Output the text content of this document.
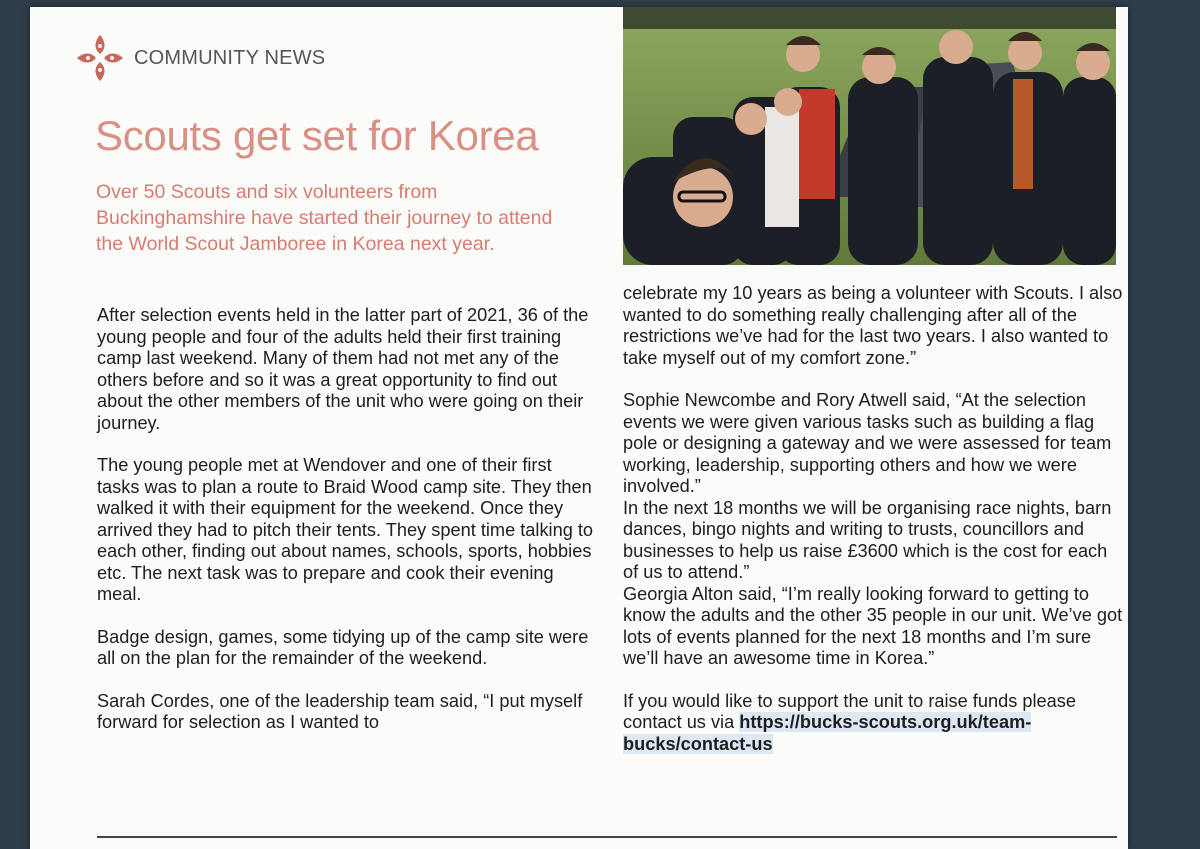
COMMUNITY NEWS
Scouts get set for Korea

Over 50 Scouts and six volunteers from Buckinghamshire have started their journey to attend the World Scout Jamboree in Korea next year.

After selection events held in the latter part of 2021, 36 of the young people and four of the adults held their first training camp last weekend. Many of them had not met any of the others before and so it was a great opportunity to find out about the other members of the unit who were going on their journey.

The young people met at Wendover and one of their first tasks was to plan a route to Braid Wood camp site. They then walked it with their equipment for the weekend. Once they arrived they had to pitch their tents. They spent time talking to each other, finding out about names, schools, sports, hobbies etc. The next task was to prepare and cook their evening meal.

Badge design, games, some tidying up of the camp site were all on the plan for the remainder of the weekend.

Sarah Cordes, one of the leadership team said, “I put myself forward for selection as I wanted to

celebrate my 10 years as being a volunteer with Scouts. I also wanted to do something really challenging after all of the restrictions we’ve had for the last two years. I also wanted to take myself out of my comfort zone.”

Sophie Newcombe and Rory Atwell said, “At the selection events we were given various tasks such as building a flag pole or designing a gateway and we were assessed for team working, leadership, supporting others and how we were involved.”

In the next 18 months we will be organising race nights, barn dances, bingo nights and writing to trusts, councillors and businesses to help us raise £3600 which is the cost for each of us to attend.”

Georgia Alton said, “I’m really looking forward to getting to know the adults and the other 35 people in our unit. We’ve got lots of events planned for the next 18 months and I’m sure we’ll have an awesome time in Korea.”

If you would like to support the unit to raise funds please contact us via https://bucks-scouts.org.uk/team-bucks/contact-us
